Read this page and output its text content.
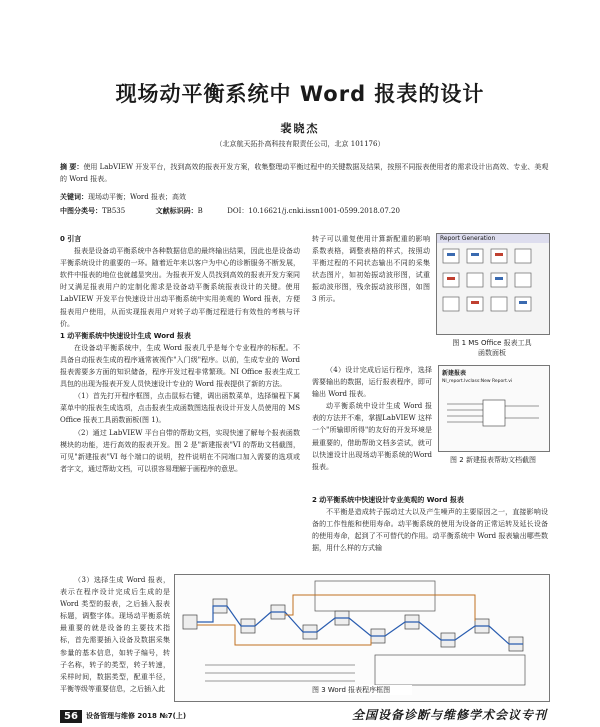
现场动平衡系统中 Word 报表的设计
裴晓杰
（北京航天拓扑高科技有限责任公司，北京 101176）
摘 要：使用 LabVIEW 开发平台，找到高效的报表开发方案，收集整理动平衡过程中的关键数据及结果，按照不同报表使用者的需求设计出高效、专业、美观的 Word 报表。
关键词：现场动平衡；Word 报表；高效
中图分类号：TB535	文献标识码：B	DOI：10.16621/j.cnki.issn1001-0599.2018.07.20

0 引言

报表是设备动平衡系统中各种数据信息的最终输出结果，因此也是设备动平衡系统设计的重要的一环。随着近年来以客户为中心的诊断服务不断发展，软件中报表的地位也就越显突出。为报表开发人员找到高效的报表开发方案同时又满足报表用户的定制化需求是设备动平衡系统报表设计的关键。使用 LabVIEW 开发平台快速设计出动平衡系统中实用美观的 Word 报表，方便报表用户使用，从而实现报表用户对转子动平衡过程进行有效性的考核与评价。

1 动平衡系统中快速设计生成 Word 报表

在设备动平衡系统中，生成 Word 报表几乎是每个专业程序的标配。不具备自动报表生成的程序通常被视作"入门级"程序。以前，生成专业的 Word 报表需要多方面的知识储备，程序开发过程非常繁琐。NI Office 报表生成工具包的出现为报表开发人员快速设计专业的 Word 报表提供了新的方法。

（1）首先打开程序框图，点击鼠标右键，调出函数菜单，选择编程下属菜单中的报表生成选项，点击报表生成函数图选报表设计开发人员使用的 MS Office 报表工具函数面板(图 1)。

（2）通过 LabVIEW 平台自带的帮助文档，实现快速了解每个报表函数模块的功能，进行高效的报表开发。图 2 是"新建报表"VI 的帮助文档截图，可见"新建报表"VI 每个端口的说明，控件说明在不同端口加入需要的选项或者字文，通过帮助文档，可以很容易理解于画程序的意思。

（3）选择生成 Word 报表，表示在程序设计完成后生成的是 Word 类型的报表，之后插入报表标题，调整字体。现场动平衡系统最重要的就是设备的主要技术指标，首先需要插入设备及数据采集参量的基本信息，如转子编号，转子名称，转子的类型，转子转速，采样时间，数据类型，配重半径，平衡等级等重要信息，之后插入此

转子可以重复使用计算新配重的影响系数表格，调整表格的样式，按照动平衡过程的不同状态输出不同的采集状态图片，如初始振动波形图，试重振动波形图，残余振动波形图，如图 3 所示。

（4）设计完成后运行程序，选择需要输出的数据，运行报表程序，即可输出 Word 报表。

动平衡系统中设计生成 Word 报表的方法并不难，掌握LabVIEW 这样一个"所输即所得"的友好的开发环境是最重要的，借助帮助文档多尝试，就可以快速设计出现场动平衡系统的Word 报表。

2 动平衡系统中快速设计专业美观的 Word 报表

不平衡是造成转子振动过大以及产生噪声的主要原因之一，直接影响设备的工作性能和使用寿命。动平衡系统的使用为设备的正常运转及延长设备的使用寿命，起到了不可替代的作用。动平衡系统中 Word 报表输出哪些数据，用什么样的方式输

Report Generation
图 1 MS Office 报表工具
函数面板
新建报表
NI_report.lvclass:New Report.vi
图 2 新建报表帮助文档截图
图 3 Word 报表程序框图
56	设备管理与维修 2018 №7(上)	全国设备诊断与维修学术会议专刊
